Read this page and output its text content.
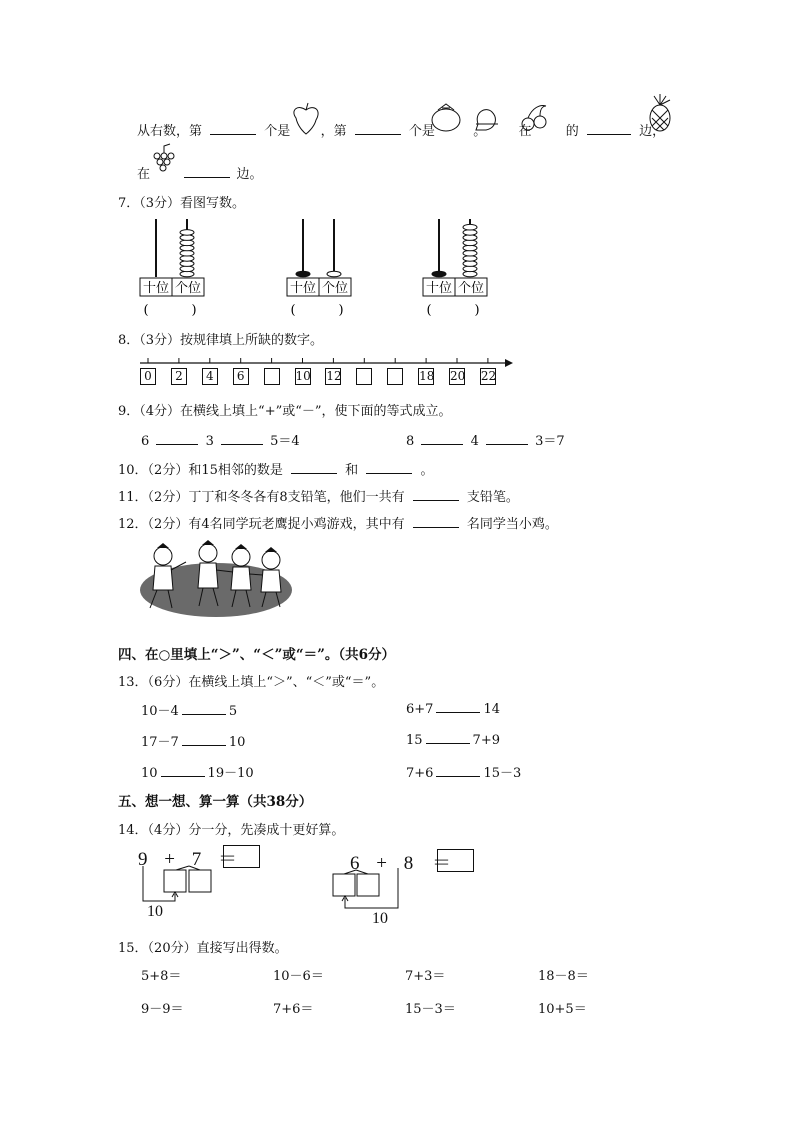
从右数，第	个是 ，第	个是	。 在	的	边，
在	边。
7．（3分）看图写数。
十位 个位
(	)
十位 个位
(	)
十位 个位
(	)
8．（3分）按规律填上所缺的数字。
0	2	4	6	10 12	18 20 22
9．（4分）在横线上填上“+”或“－”，使下面的等式成立。
6	3	5＝4	8	4	3＝7
10．（2分）和15相邻的数是	和	。
11．（2分）丁丁和冬冬各有8支铅笔，他们一共有	支铅笔。
12．（2分）有4名同学玩老鹰捉小鸡游戏，其中有	名同学当小鸡。
四、在○里填上“＞”、“＜”或“＝”。（共6分）
13．（6分）在横线上填上“＞”、“＜”或“＝”。
10－4	5	6+7	14
17－7	10	15	7+9
10	19－10	7+6	15－3
五、想一想、算一算（共38分）
14．（4分）分一分，先凑成十更好算。
9 + 7 ＝
10
6 + 8 ＝
10
15．（20分）直接写出得数。
5+8＝	10－6＝	7+3＝	18－8＝
9－9＝	7+6＝	15－3＝	10+5＝
